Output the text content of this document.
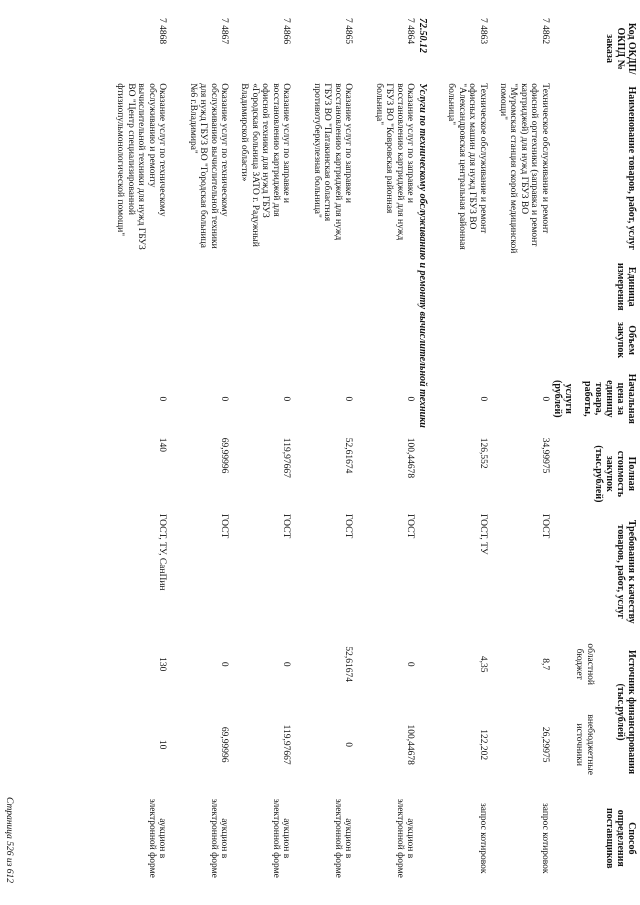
Код ОКДП/ ОКПД № заказа	Наименование товаров, работ, услуг	Единица измерения	Объем закупок	Начальная цена за единицу товара, работы,
услуги (рублей)	Полная стоимость закупок (тыс.рублей)	Требования к качеству товаров, работ, услуг	Источник финансирования (тыс.рублей)		Способ определения поставщиков
							областной бюджет	внебюджетные источники	

7 4862	Техническое обслуживание и ремонт офисной оргтехники (заправка и ремонт картриджей) для нужд ГБУЗ ВО "Муромская станция скорой медицинской помощи"			0	34,99975	ГОСТ	8,7	26,29975	запрос котировок
7 4863	Техническое обслуживание и ремонт офисных машин для нужд ГБУЗ ВО "Александровская центральная районная больница"			0	126,552	ГОСТ, ТУ	4,35	122,202	запрос котировок
72.50.12	Услуги по техническому обслуживанию и ремонту вычислительной техники								
7 4864	Оказание услуг по заправке и восстановлению картриджей для нужд ГБУЗ ВО "Ковровская районная больница"			0	100,44678	ГОСТ	0	100,44678	аукцион в электронной форме
7 4865	Оказание услуг по заправке и восстановлению картриджей для нужд ГБУЗ ВО "Патакинская областная противотуберкулезная больница"			0	52,61674	ГОСТ	52,61674	0	аукцион в электронной форме
7 4866	Оказание услуг по заправке и восстановлению картриджей для офисной техники для нужд ГБУЗ «Городская больница ЗАТО г. Радужный Владимирской области»			0	119,97667	ГОСТ	0	119,97667	аукцион в электронной форме
7 4867	Оказание услуг по техническому обслуживанию вычислительной техники для нужд ГБУЗ ВО "Городская больница №6 г.Владимира"			0	69,99996	ГОСТ	0	69,99996	аукцион в электронной форме
7 4868	Оказание услуг по техническому обслуживанию и ремонту вычислительной техники для нужд ГБУЗ ВО "Центр специализированной фтизиопульмонологической помощи"			0	140	ГОСТ, ТУ, СанПин	130	10	аукцион в электронной форме
Страница 526 из 612
